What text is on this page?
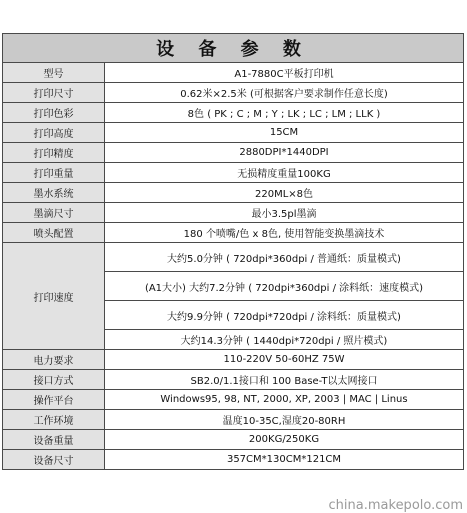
设 备 参 数	
型号	A1-7880C平板打印机
打印尺寸	0.62米×2.5米 (可根据客户要求制作任意长度)
打印色彩	8色 ( PK ; C ; M ; Y ; LK ; LC ; LM ; LLK )
打印高度	15CM
打印精度	2880DPI*1440DPI
打印重量	无损精度重量100KG
墨水系统	220ML×8色
墨滴尺寸	最小3.5pl墨滴
喷头配置	180 个喷嘴/色 x 8色, 使用智能变换墨滴技术
打印速度	大约5.0分钟 ( 720dpi*360dpi / 普通纸：质量模式)
	(A1大小) 大约7.2分钟 ( 720dpi*360dpi / 涂料纸：速度模式)
	大约9.9分钟 ( 720dpi*720dpi / 涂料纸：质量模式)
	大约14.3分钟 ( 1440dpi*720dpi / 照片模式)
电力要求	110-220V 50-60HZ 75W
接口方式	SB2.0/1.1接口和 100 Base-T以太网接口
操作平台	Windows95, 98, NT, 2000, XP, 2003 | MAC | Linus
工作环境	温度10-35C,湿度20-80RH
设备重量	200KG/250KG
设备尺寸	357CM*130CM*121CM
china.makepolo.com
